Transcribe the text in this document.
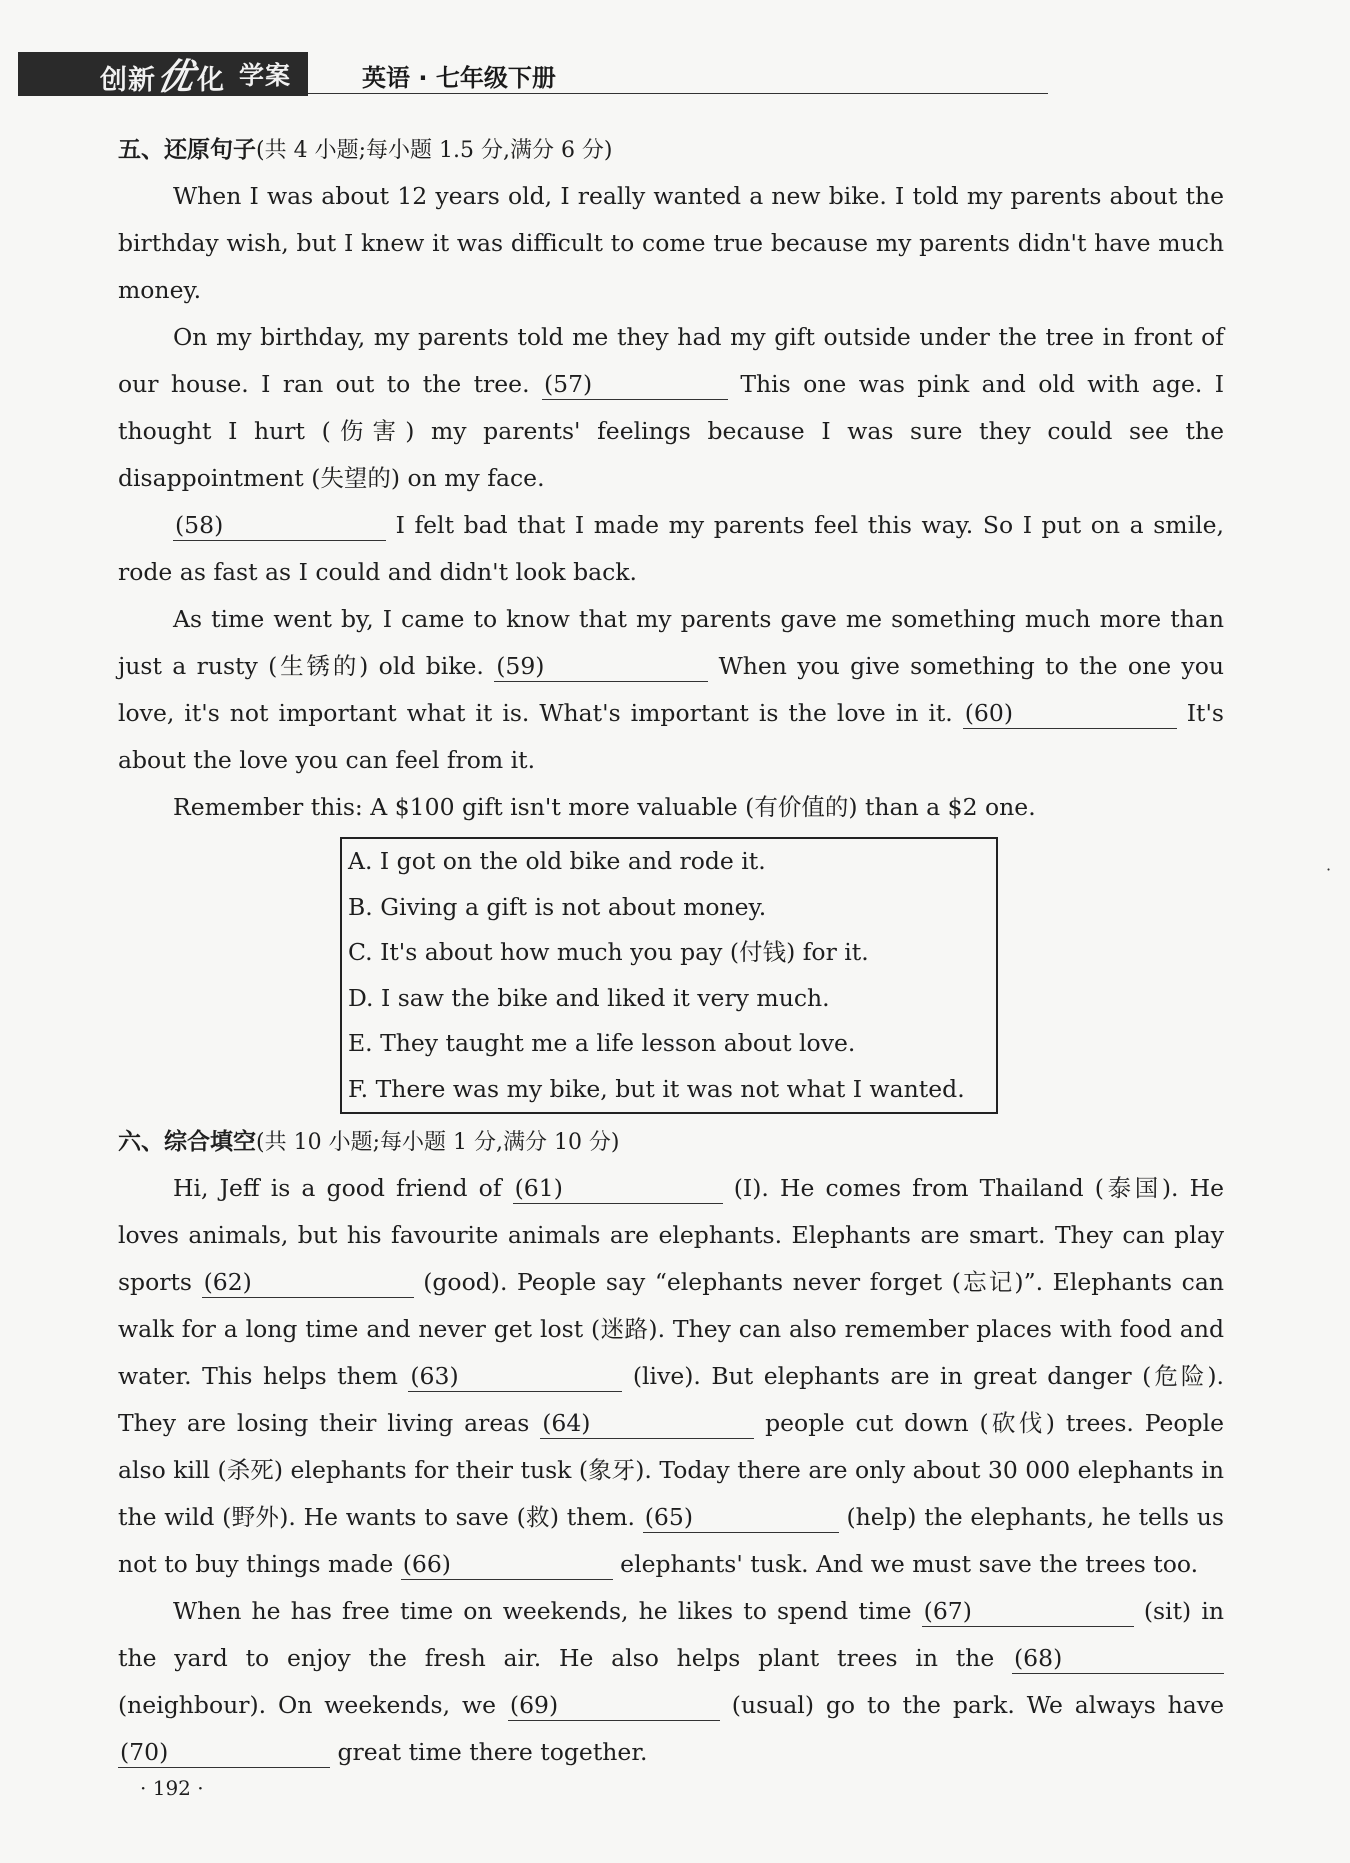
创新优化 学案	英语 · 七年级下册

五、还原句子(共 4 小题;每小题 1.5 分,满分 6 分)

When I was about 12 years old, I really wanted a new bike. I told my parents about the birthday wish, but I knew it was difficult to come true because my parents didn't have much money.

On my birthday, my parents told me they had my gift outside under the tree in front of our house. I ran out to the tree. (57)	This one was pink and old with age. I thought I hurt (伤害) my parents' feelings because I was sure they could see the disappointment (失望的) on my face.

(58)	I felt bad that I made my parents feel this way. So I put on a smile, rode as fast as I could and didn't look back.

As time went by, I came to know that my parents gave me something much more than just a rusty (生锈的) old bike. (59)	When you give something to the one you love, it's not important what it is. What's important is the love in it. (60)	It's about the love you can feel from it.

Remember this: A $100 gift isn't more valuable (有价值的) than a $2 one.

A. I got on the old bike and rode it.
B. Giving a gift is not about money.
C. It's about how much you pay (付钱) for it.
D. I saw the bike and liked it very much.
E. They taught me a life lesson about love.
F. There was my bike, but it was not what I wanted.

六、综合填空(共 10 小题;每小题 1 分,满分 10 分)

Hi, Jeff is a good friend of (61)	(I). He comes from Thailand (泰国). He loves animals, but his favourite animals are elephants. Elephants are smart. They can play sports (62)	(good). People say “elephants never forget (忘记)”. Elephants can walk for a long time and never get lost (迷路). They can also remember places with food and water. This helps them (63)	(live). But elephants are in great danger (危险). They are losing their living areas (64)	people cut down (砍伐) trees. People also kill (杀死) elephants for their tusk (象牙). Today there are only about 30 000 elephants in the wild (野外). He wants to save (救) them. (65)	(help) the elephants, he tells us not to buy things made (66)	elephants' tusk. And we must save the trees too.

When he has free time on weekends, he likes to spend time (67)	(sit) in the yard to enjoy the fresh air. He also helps plant trees in the (68) (neighbour). On weekends, we (69)	(usual) go to the park. We always have (70)	great time there together.

· 192 ·
·
